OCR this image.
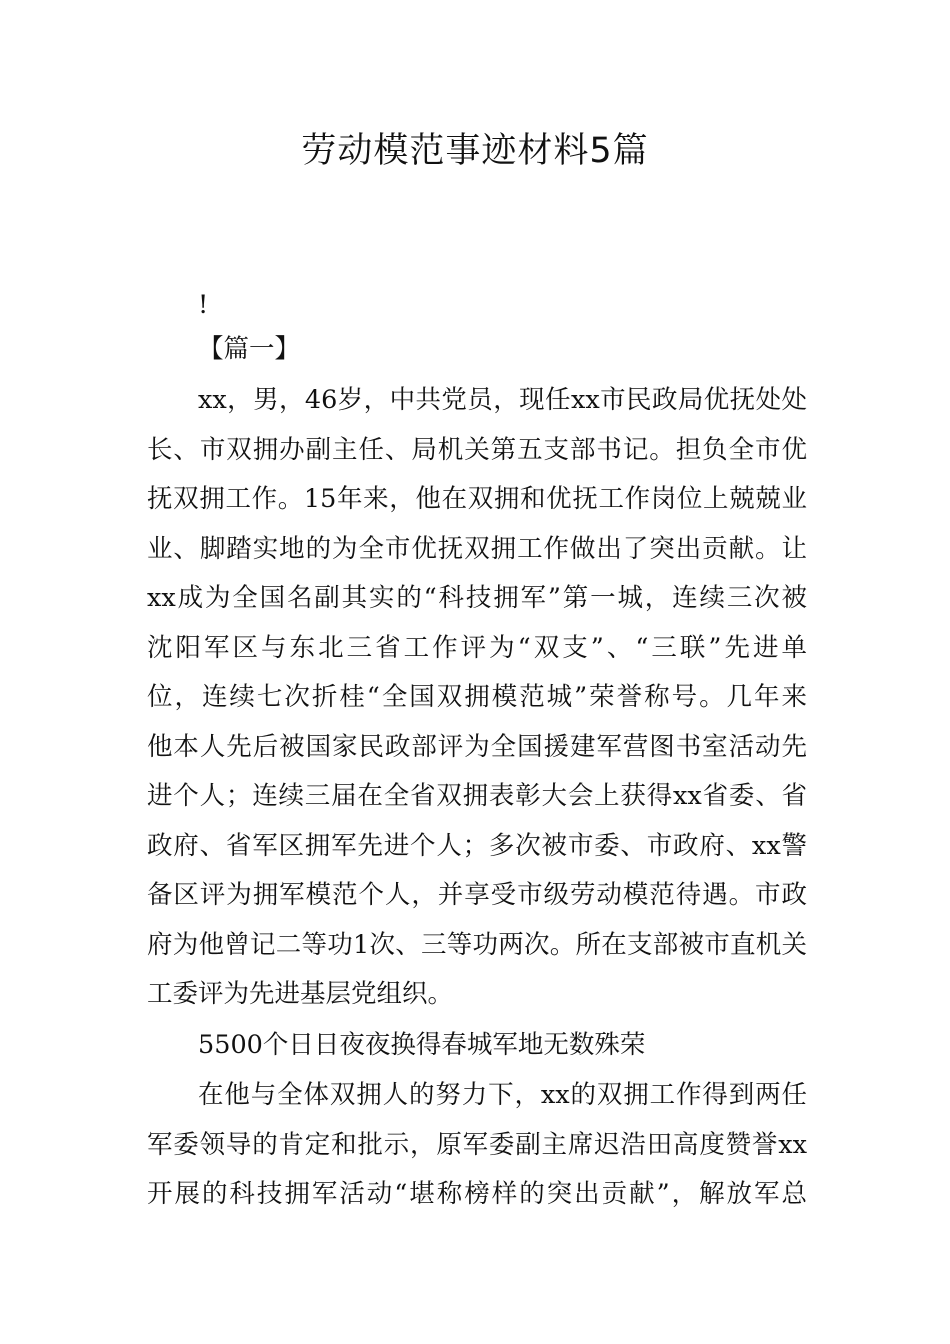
劳动模范事迹材料5篇

!

【篇一】

xx，男，46岁，中共党员，现任xx市民政局优抚处处

长、市双拥办副主任、局机关第五支部书记。担负全市优

抚双拥工作。15年来，他在双拥和优抚工作岗位上兢兢业

业、脚踏实地的为全市优抚双拥工作做出了突出贡献。让

xx成为全国名副其实的“科技拥军”第一城，连续三次被

沈阳军区与东北三省工作评为“双支”、“三联”先进单

位，连续七次折桂“全国双拥模范城”荣誉称号。几年来

他本人先后被国家民政部评为全国援建军营图书室活动先

进个人；连续三届在全省双拥表彰大会上获得xx省委、省

政府、省军区拥军先进个人；多次被市委、市政府、xx警

备区评为拥军模范个人，并享受市级劳动模范待遇。市政

府为他曾记二等功1次、三等功两次。所在支部被市直机关

工委评为先进基层党组织。

5500个日日夜夜换得春城军地无数殊荣

在他与全体双拥人的努力下，xx的双拥工作得到两任

军委领导的肯定和批示，原军委副主席迟浩田高度赞誉xx

开展的科技拥军活动“堪称榜样的突出贡献”，解放军总
